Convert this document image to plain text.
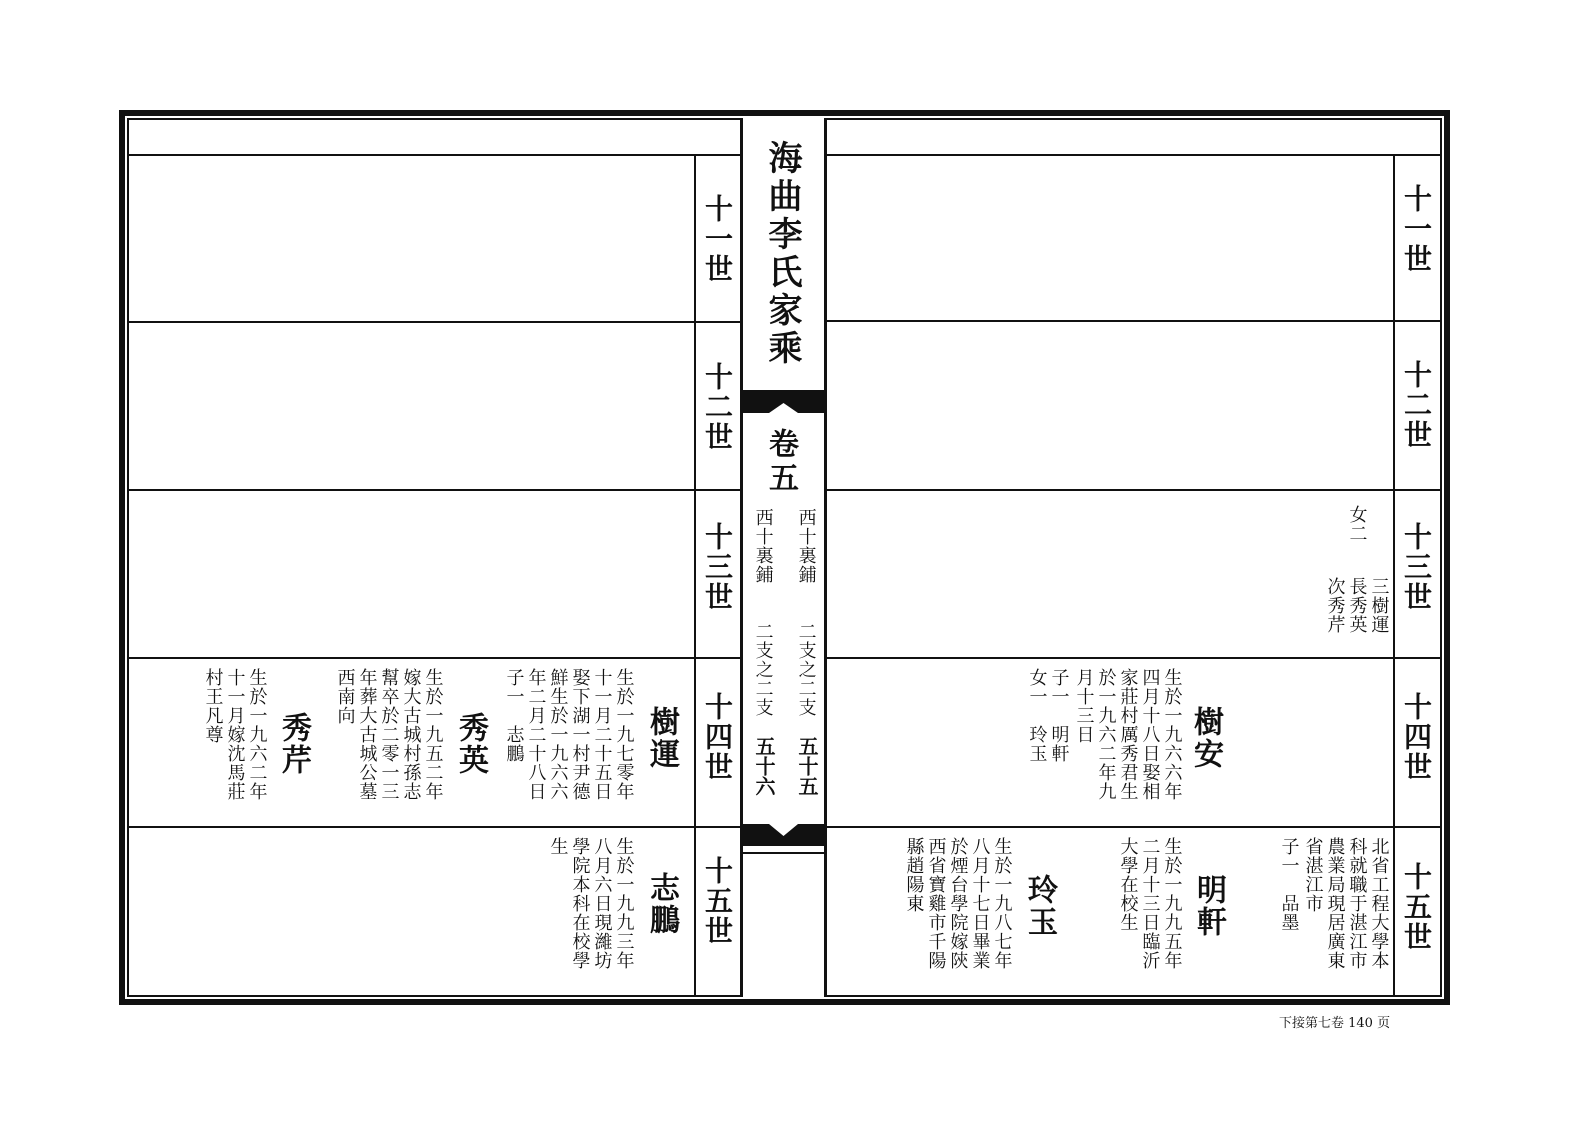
十一世
十二世
十三世
十四世
十五世
樹運
生於一九七零年
十一月二十五日
娶下湖一村尹德
鮮生於一九六六
年二月二十八日
子一　志鵬
秀英
生於一九五二年
嫁大古城村孫志
幫卒於二零一三
年葬大古城公墓
西南向
秀芹
生於一九六二年
十一月嫁沈馬莊
村王凡尊
志鵬
生於一九九三年
八月六日現濰坊
學院本科在校學
生
海曲李氏家乘
卷五
西十裏鋪
二支之二支
五十五
西十裏鋪
二支之二支
五十六
十一世
十二世
十三世
十四世
十五世
女二
三樹運
長秀英
次秀芹
樹安
生於一九六六年
四月十八日娶相
家莊村厲秀君生
於一九六二年九
月十三日
子一　明軒
女一　玲玉
北省工程大學本
科就職于湛江市
農業局現居廣東
省湛江市
子一　品墨
明軒
生於一九九五年
二月十三日臨沂
大學在校生
玲玉
生於一九八七年
八月十七日畢業
於煙台學院嫁陝
西省寶雞市千陽
縣趙陽東
下接第七卷 140 页
